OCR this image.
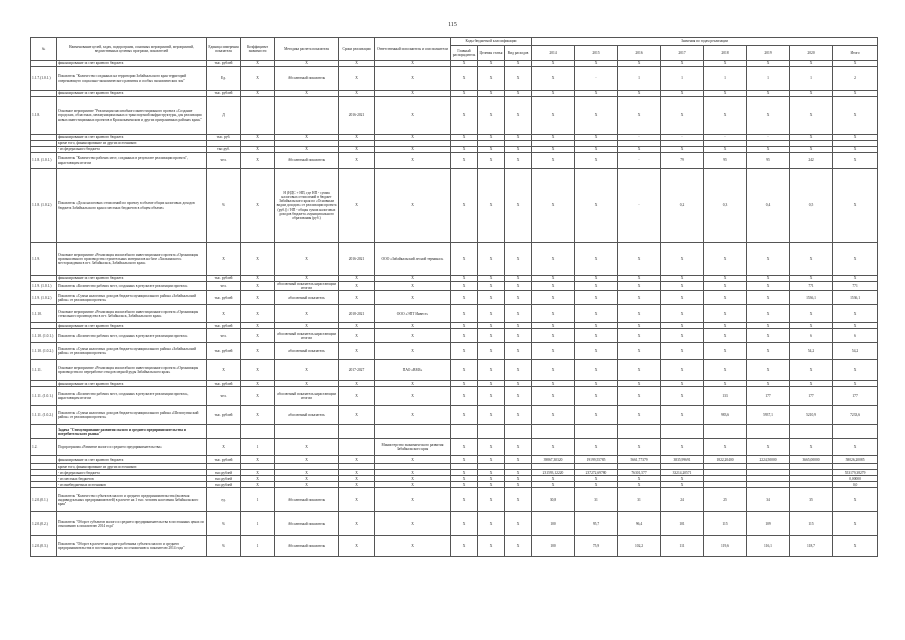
115
№	Наименование целей, задач, подпрограмм, основных мероприятий, мероприятий, ведомственных целевых программ, показателей	Единица измерения показателя	Коэффициент значимости	Методика расчета показателя	Сроки реализации	Ответственный исполнитель и соисполнители	Коды бюджетной классификации			Значения по годам реализации							
							Главный распорядитель	Целевая статья	Вид расходов	2014	2015	2016	2017	2018	2019	2020	Итого
	финансирование за счет краевого бюджета	тыс. рублей	Х	Х	Х	Х	Х	Х	Х	Х	Х	Х	Х	Х	Х	Х	Х
1.1.7.(1.0.1.)	Показатель "Количество созданных на территории Забайкальского края территорий опережающего социально-экономического развития и особых экономических зон"	Ед.	Х	Абсолютный показатель	Х	Х	Х	Х	Х	Х	-	1	1	1	1	1	2
	финансирование за счет краевого бюджета	тыс. рублей	Х	Х	Х	Х	Х	Х	Х	Х	Х	Х	Х	Х	Х	Х	Х
1.1.8.	Основное мероприятие "Реализация масштабного инвестиционного проекта «Создание городских, областных, межмуниципальных и транспортной инфраструктуры, для реализации новых инвестиционных проектов в Краснокаменском и других приграничных районах края»"	Д			2016-2021	Х	Х	Х	Х	Х	Х	Х	Х	Х	Х	Х	Х
	финансирование за счет краевого бюджета	тыс. руб.	Х	Х	Х	Х	Х	Х	Х	Х	Х	-	-	-	-	Х	Х
	кроме того, финансирование из других источников:																
	- из федерального бюджета	тыс.руб.	Х	Х	Х	Х	Х	Х	Х	Х	Х	Х	Х	Х	Х	Х	Х
1.1.8. (1.0.1.)	Показатель "Количество рабочих мест, созданных в результате реализации проекта", нарастающим итогом	чел.	Х	Абсолютный показатель	Х	Х	Х	Х	Х	Х	Х	-	79	95	95	242	Х
1.1.8. (1.0.2.)	Показатель «Доля налоговых отчислений по проекту в объеме общих налоговых доходов бюджета Забайкальского края и местных бюджетов в общем объеме»	%	Х	Н (НДС + НП, где НП - сумма налоговых отчислений в бюджет Забайкальского края по «Основным видам доходов» от реализации проекта (руб.)) / НП - общая сумма налоговых доходов бюджета «муниципального образования (руб.)	Х	Х	Х	Х	Х	Х	Х	-	0,2	0,3	0,4	0,5	Х
1.1.9.	Основное мероприятие «Реализация масштабного инвестиционного проекта «Организация промышленного производства строительных материалов на базе «Хилкинского» месторождения в пгт. Забайкальск, Забайкальского края»	Х	Х	Х	2016-2021	ООО «Забайкальский лесной терминал»	Х	Х	Х	Х	Х	Х	Х	Х	Х	Х	Х
	финансирование за счет краевого бюджета	тыс. рублей	Х	Х	Х	Х	Х	Х	Х	Х	Х	Х	Х	Х	Х	Х	Х
1.1.9. (1.0.1.)	Показатель «Количество рабочих мест, созданных в результате реализации проекта»	чел.	Х	абсолютный показатель нарастающим итогом	Х	Х	Х	Х	Х	Х	Х	Х	Х	Х	Х	771	771
1.1.9. (1.0.2.)	Показатель «Сумма налоговых доходов бюджета муниципального района «Забайкальский район» от реализации проекта»	тыс. рублей	Х	абсолютный показатель	Х	Х	Х	Х	Х	Х	Х	Х	Х	Х	Х	1536,1	1536,1
1.1.10.	Основное мероприятие «Реализация масштабного инвестиционного проекта «Организация стекольного производства в пгт. Забайкальск, Забайкальского края»	Х	Х	Х	2018-2021	ООО «ЭПТ Инвест»	Х	Х	Х	Х	Х	Х	Х	Х	Х	Х	Х
	финансирование за счет краевого бюджета	тыс. рублей	Х	Х	Х	Х	Х	Х	Х	Х	Х	Х	Х	Х	Х	Х	Х
1.1.10. (1.0.1.)	Показатель «Количество рабочих мест, созданных в результате реализации проекта»	чел.	Х	абсолютный показатель нарастающим итогом	Х	Х	Х	Х	Х	Х	Х	Х	Х	Х	Х	6	6
1.1.10. (1.0.2.)	Показатель «Сумма налоговых доходов бюджета муниципального района «Забайкальский район» от реализации проекта»	тыс. рублей	Х	абсолютный показатель	Х	Х	Х	Х	Х	Х	Х	Х	Х	Х	Х	54,2	54,2
1.1.11.	Основное мероприятие «Реализация масштабного инвестиционного проекта «Организация производства по переработке отходов медной руды Забайкальского края»	Х	Х	Х	2017-2027	ПАО «ВМЗ»	Х	Х	Х	Х	Х	Х	Х	Х	Х	Х	Х
	финансирование за счет краевого бюджета	тыс. рублей	Х	Х	Х	Х	Х	Х	Х	Х	Х	Х	Х	Х	Х	Х	Х
1.1.11. (1.0.1.)	Показатель «Количество рабочих мест, созданных в результате реализации проекта», нарастающим итогом	чел.	Х	абсолютный показатель нарастающим итогом	Х	Х	Х	Х	Х	Х	Х	Х	Х	133	177	177	177
1.1.11. (1.0.2.)	Показатель «Сумма налоговых доходов бюджета муниципального района «Шелопугинский район» от реализации проекта»	тыс. рублей	Х	абсолютный показатель	Х	Х	Х	Х	Х	Х	Х	Х	Х	983,6	5937,1	5210,9	7233,6
	Задача "Стимулирование развития малого и среднего предпринимательства и потребительского рынка"																
1.2.	Подпрограмма «Развитие малого и среднего предпринимательства»	Х	1	Х		Министерство экономического развития Забайкальского края	Х	Х	Х	Х	Х	Х	Х	Х	Х	Х	Х
	финансирование за счет краевого бюджета	тыс. рублей	Х	Х	Х	Х	Х	Х	Х	39867,30320	19199,55785	5661,77379	3835,99691	1822,20400	2224,50000	3665,00000	58026,20085
	кроме того, финансирование из других источников:																
	- из федерального бюджета	тыс.рублей	Х	Х	Х	Х	Х	Х	Х	231593,12220	237272,69780	76301,577	33214,20571				553179,38279
	- из местных бюджетов	тыс.рублей	Х	Х	Х	Х	Х	Х	Х	Х	Х	Х	Х				0,00000
	- из внебюджетных источников	тыс.рублей	Х	Х	Х	Х	Х	Х	Х	Х	Х	Х	Х				0,0
1.2.0.(0.1.)	Показатель "Количество субъектов малого и среднего предпринимательства (включая индивидуальных предпринимателей) в расчете на 1 тыс. человек населения Забайкальского края"	ед.	1	Абсолютный показатель	Х	Х	Х	Х	Х	30,8	31	31	24	25	34	35	Х
1.2.0.(0.2.)	Показатель "Оборот субъектов малого и среднего предпринимательства в постоянных ценах по отношению к показателю 2014 года"	%	1	Абсолютный показатель	Х	Х	Х	Х	Х	100	95,7	96,4	101	115	109	115	Х
1.2.0.(0.3.)	Показатель "Оборот в расчете на одного работника субъекта малого и среднего предпринимательства в постоянных ценах по отношению к показателю 2014 года"	%	1	Абсолютный показатель	Х	Х	Х	Х	Х	100	75,9	102,2	111	119,6	116,1	118,7	Х
